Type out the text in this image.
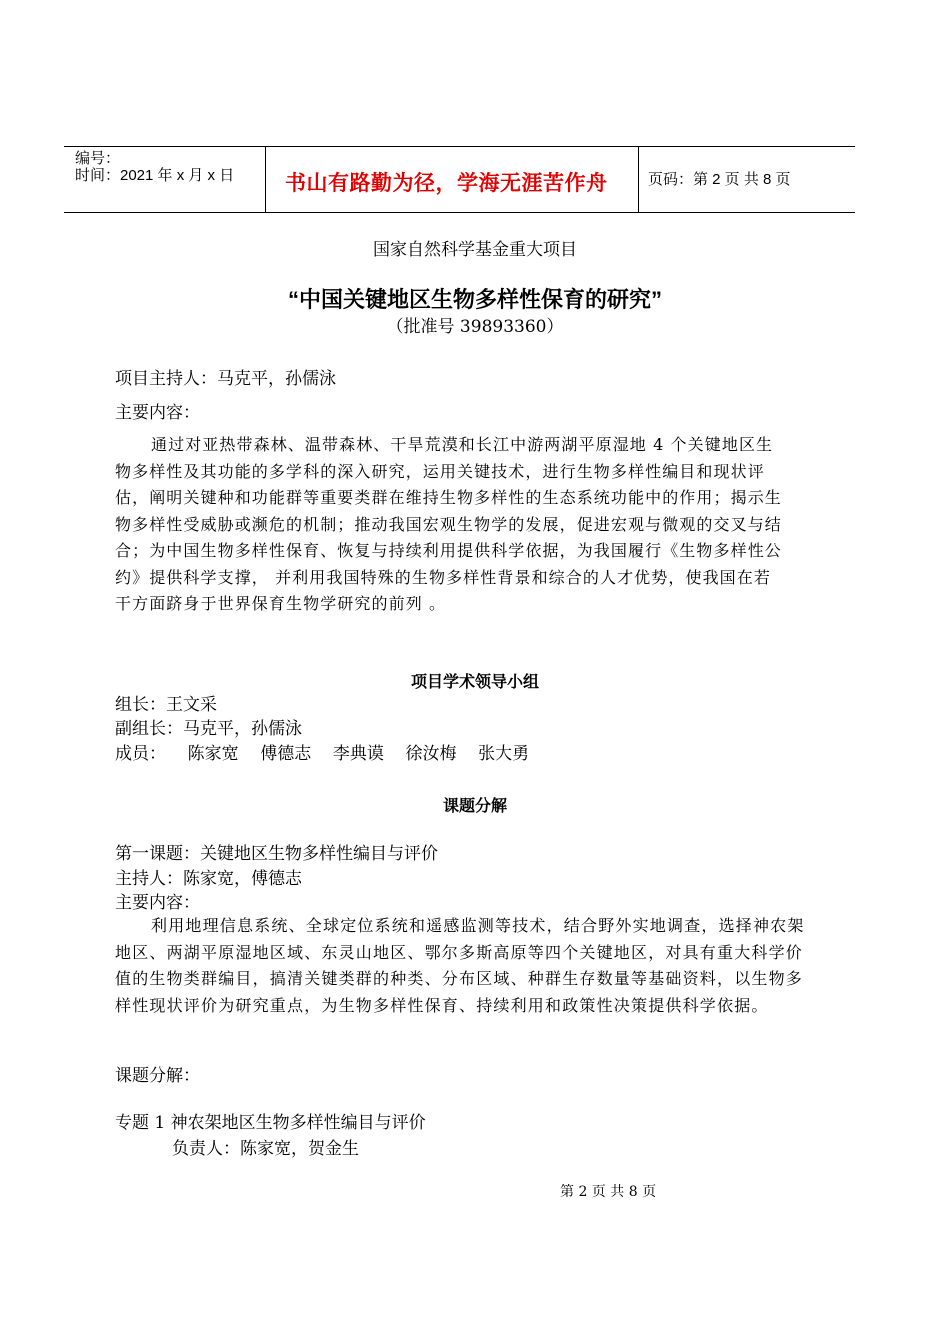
编号：
时间：2021 年 x 月 x 日 书山有路勤为径，学海无涯苦作舟	页码：第 2 页 共 8 页
国家自然科学基金重大项目
“中国关键地区生物多样性保育的研究”
（批准号 39893360）
项目主持人：马克平，孙儒泳
主要内容：
通过对亚热带森林、温带森林、干旱荒漠和长江中游两湖平原湿地 4 个关键地区生物多样性及其功能的多学科的深入研究，运用关键技术，进行生物多样性编目和现状评估，阐明关键种和功能群等重要类群在维持生物多样性的生态系统功能中的作用；揭示生物多样性受威胁或濒危的机制；推动我国宏观生物学的发展，促进宏观与微观的交叉与结合；为中国生物多样性保育、恢复与持续利用提供科学依据，为我国履行《生物多样性公约》提供科学支撑， 并利用我国特殊的生物多样性背景和综合的人才优势，使我国在若干方面跻身于世界保育生物学研究的前列 。
项目学术领导小组
组长：王文采
副组长：马克平，孙儒泳
成员：    陈家宽    傅德志    李典谟    徐汝梅    张大勇
课题分解
第一课题：关键地区生物多样性编目与评价
主持人：陈家宽，傅德志
主要内容：
利用地理信息系统、全球定位系统和遥感监测等技术，结合野外实地调查，选择神农架地区、两湖平原湿地区域、东灵山地区、鄂尔多斯高原等四个关键地区，对具有重大科学价值的生物类群编目，搞清关键类群的种类、分布区域、种群生存数量等基础资料，以生物多样性现状评价为研究重点，为生物多样性保育、持续利用和政策性决策提供科学依据。
课题分解：
专题 1 神农架地区生物多样性编目与评价
负责人：陈家宽，贺金生
第 2 页 共 8 页
